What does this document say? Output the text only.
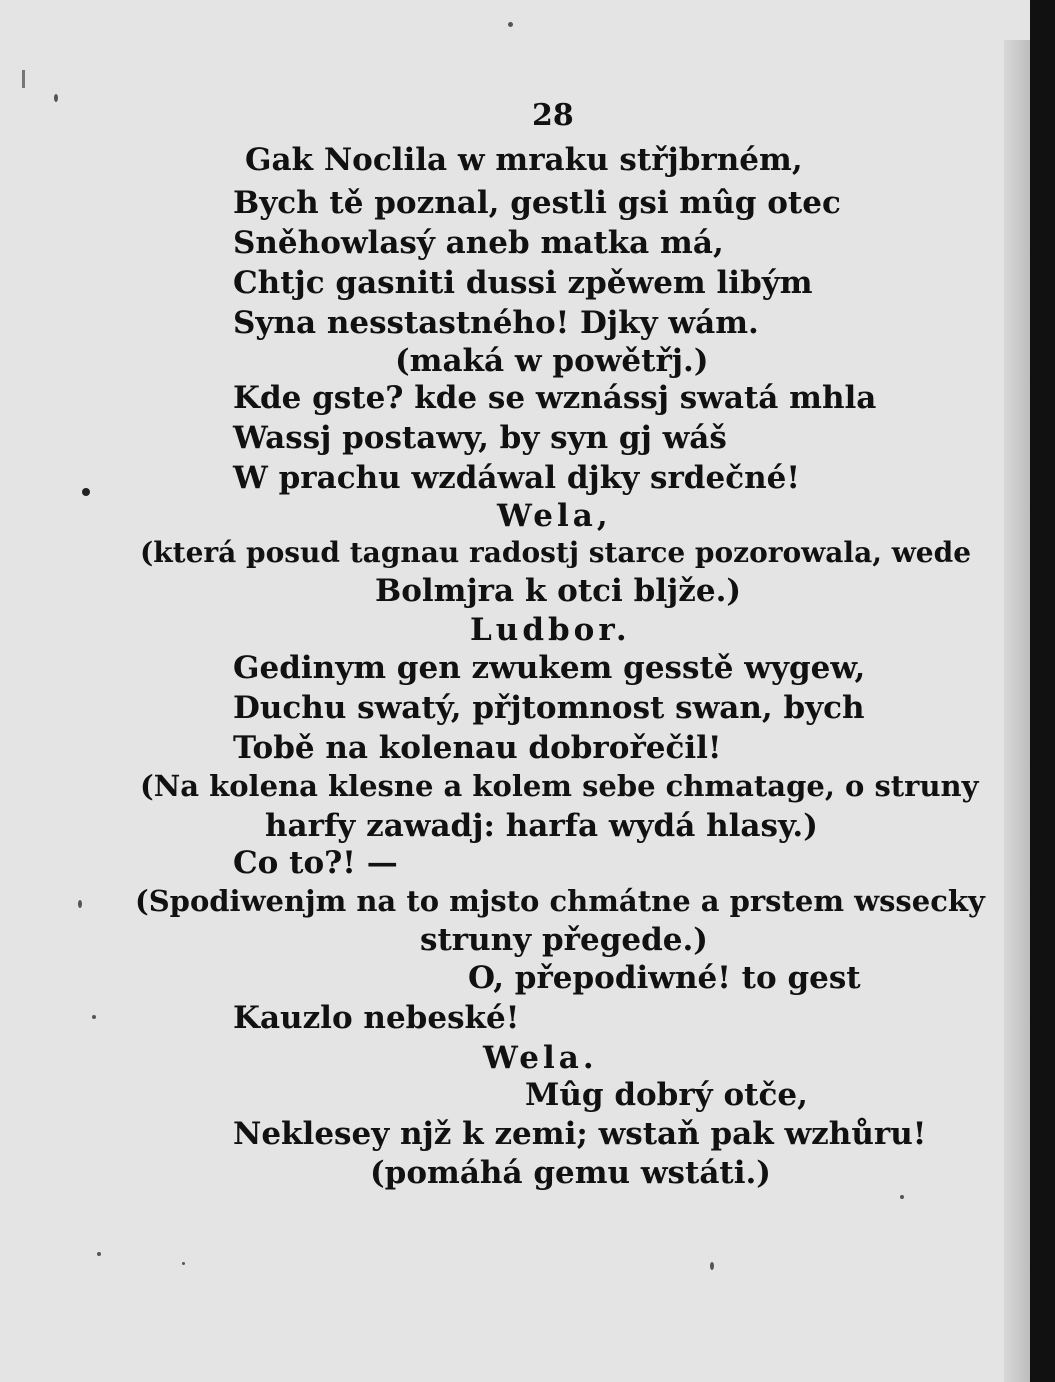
28
Gak Noclila w mraku střjbrném,
Bych tě poznal, gestli gsi mûg otec
Sněhowlasý aneb matka má,
Chtjc gasniti dussi zpěwem libým
Syna nesstastného! Djky wám.
(maká w powětřj.)
Kde gste? kde se wznássj swatá mhla
Wassj postawy, by syn gj wáš
W prachu wzdáwal djky srdečné!
Wela,
(která posud tagnau radostj starce pozorowala, wede
Bolmjra k otci bljže.)
Ludbor.
Gedinym gen zwukem gesstě wygew,
Duchu swatý, přjtomnost swan, bych
Tobě na kolenau dobrořečil!
(Na kolena klesne a kolem sebe chmatage, o struny
harfy zawadj: harfa wydá hlasy.)
Co to?! —
(Spodiwenjm na to mjsto chmátne a prstem wssecky
struny přegede.)
O, přepodiwné! to gest
Kauzlo nebeské!
Wela.
Mûg dobrý otče,
Neklesey njž k zemi; wstaň pak wzhůru!
(pomáhá gemu wstáti.)
